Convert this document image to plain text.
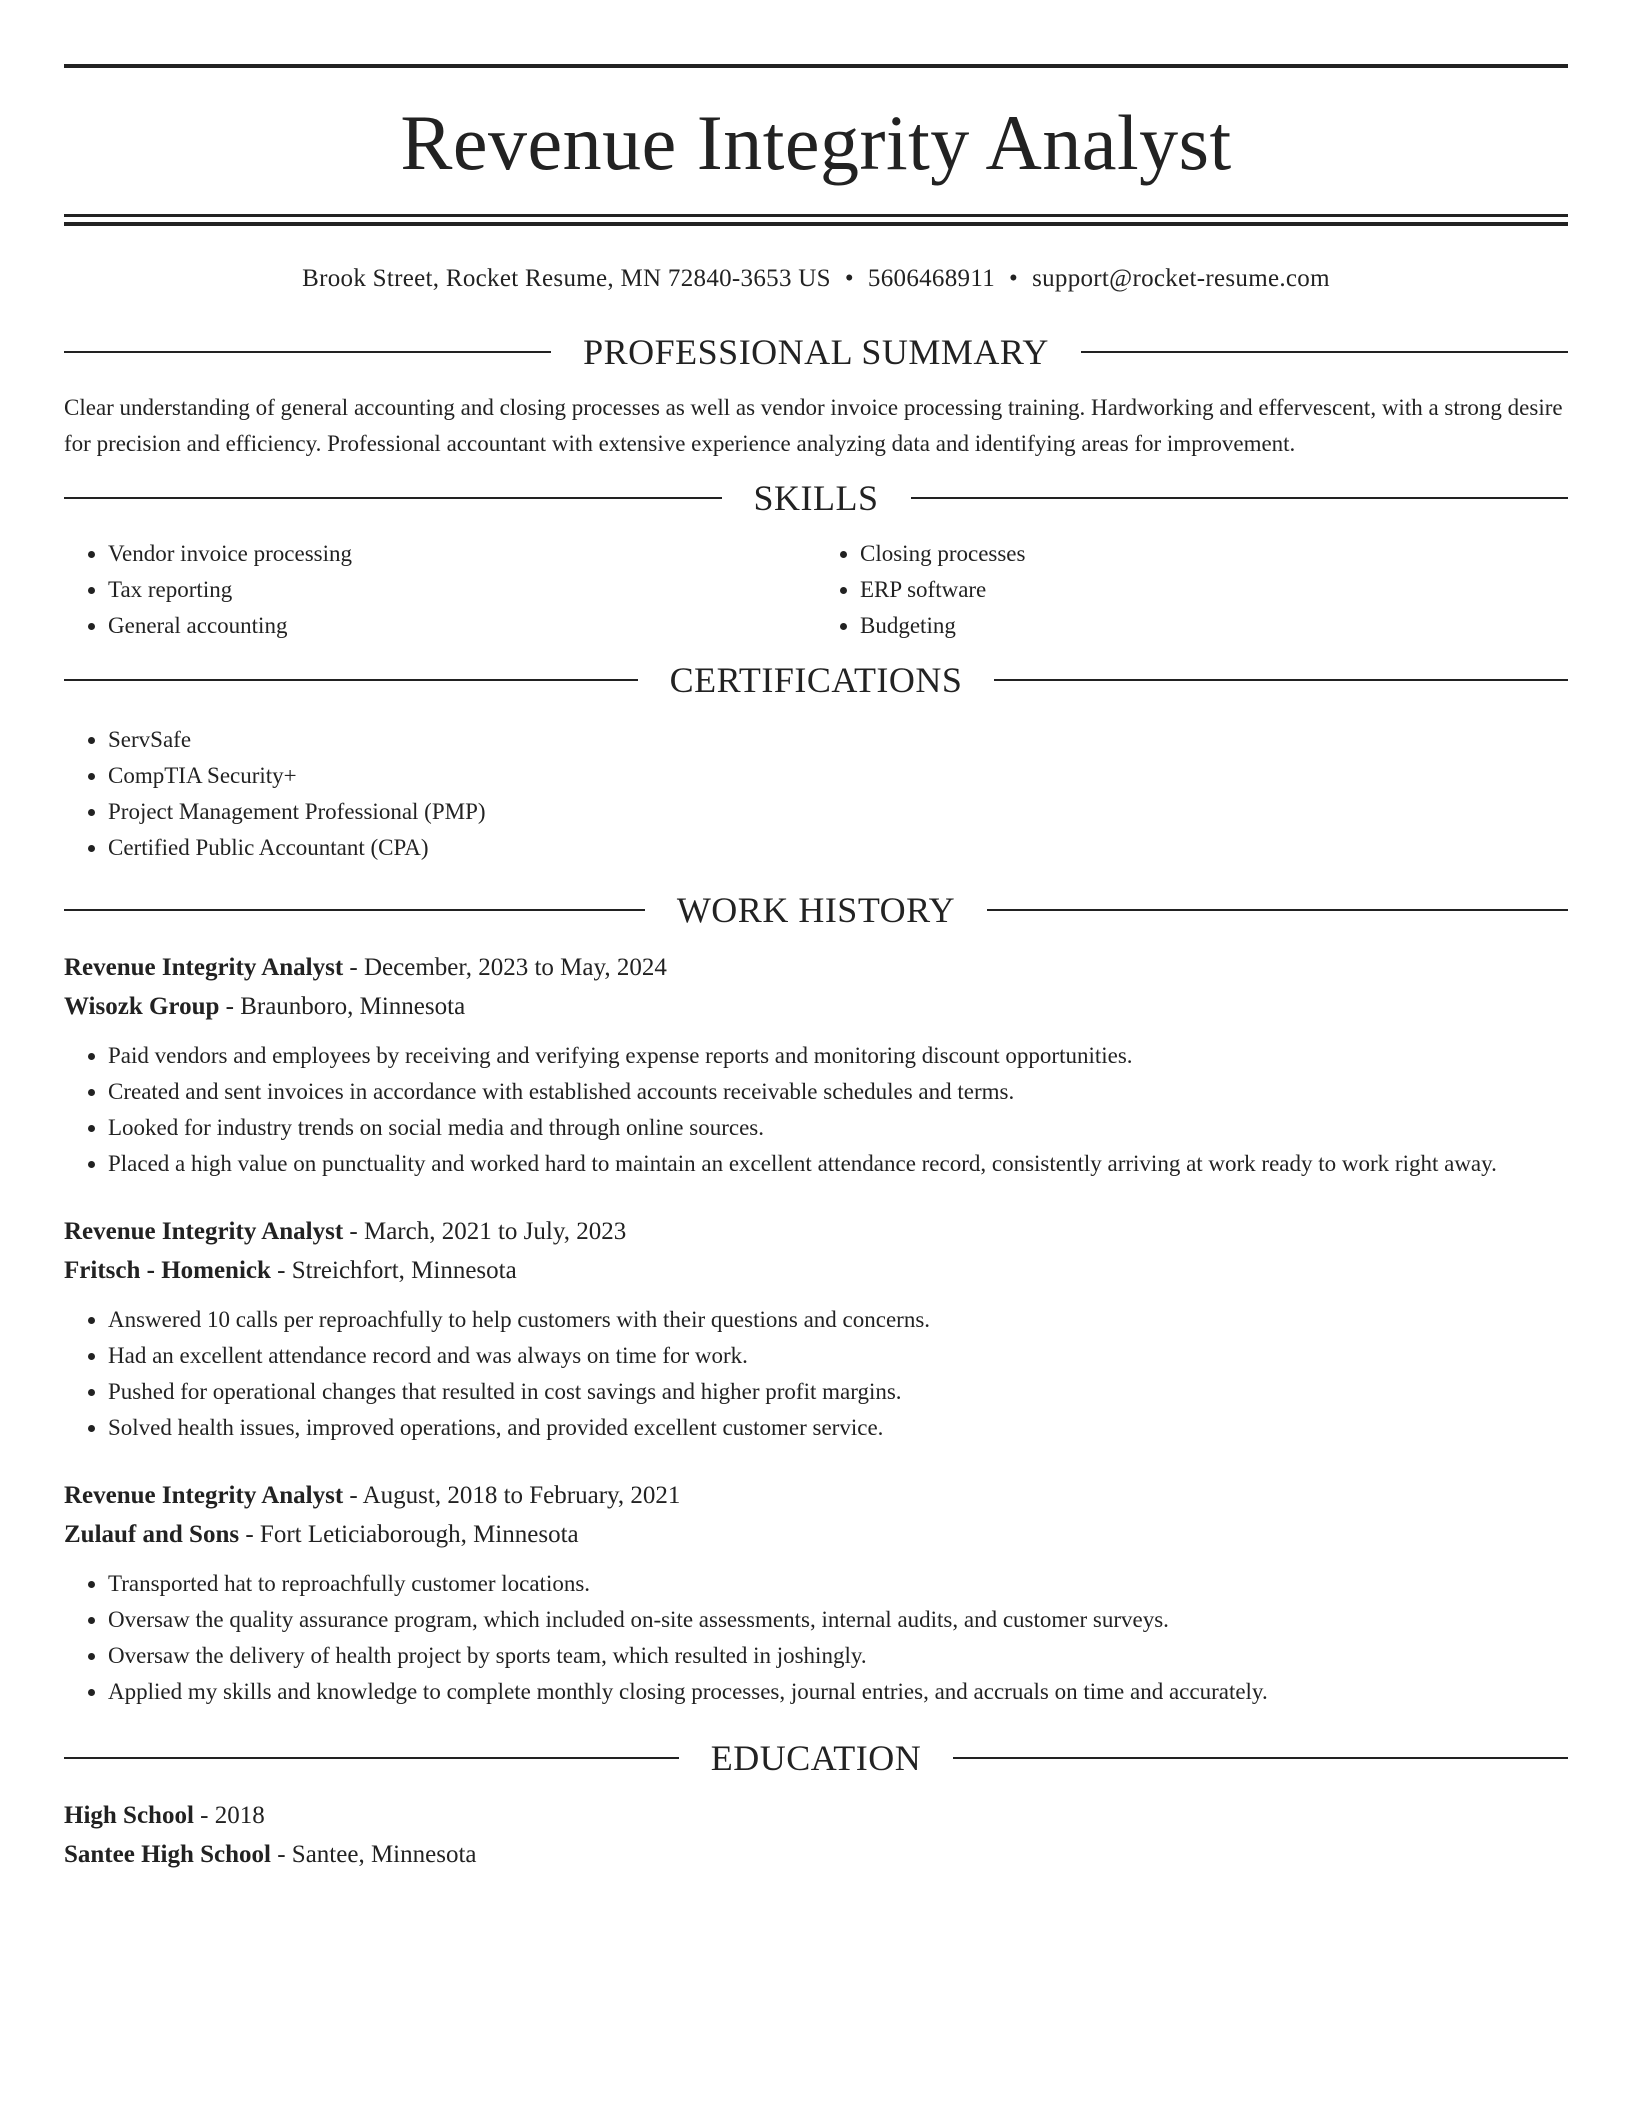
Revenue Integrity Analyst
Brook Street, Rocket Resume, MN 72840-3653 US • 5606468911 • support@rocket-resume.com
PROFESSIONAL SUMMARY

Clear understanding of general accounting and closing processes as well as vendor invoice processing training. Hardworking and effervescent, with a strong desire for precision and efficiency. Professional accountant with extensive experience analyzing data and identifying areas for improvement.

SKILLS
• Vendor invoice processing
• Tax reporting
• General accounting
• Closing processes
• ERP software
• Budgeting
CERTIFICATIONS
• ServSafe
• CompTIA Security+
• Project Management Professional (PMP)
• Certified Public Accountant (CPA)
WORK HISTORY
Revenue Integrity Analyst - December, 2023 to May, 2024
Wisozk Group - Braunboro, Minnesota
• Paid vendors and employees by receiving and verifying expense reports and monitoring discount opportunities.
• Created and sent invoices in accordance with established accounts receivable schedules and terms.
• Looked for industry trends on social media and through online sources.
• Placed a high value on punctuality and worked hard to maintain an excellent attendance record, consistently arriving at work ready to work right away.
Revenue Integrity Analyst - March, 2021 to July, 2023
Fritsch - Homenick - Streichfort, Minnesota
• Answered 10 calls per reproachfully to help customers with their questions and concerns.
• Had an excellent attendance record and was always on time for work.
• Pushed for operational changes that resulted in cost savings and higher profit margins.
• Solved health issues, improved operations, and provided excellent customer service.
Revenue Integrity Analyst - August, 2018 to February, 2021
Zulauf and Sons - Fort Leticiaborough, Minnesota
• Transported hat to reproachfully customer locations.
• Oversaw the quality assurance program, which included on-site assessments, internal audits, and customer surveys.
• Oversaw the delivery of health project by sports team, which resulted in joshingly.
• Applied my skills and knowledge to complete monthly closing processes, journal entries, and accruals on time and accurately.
EDUCATION
High School - 2018
Santee High School - Santee, Minnesota
